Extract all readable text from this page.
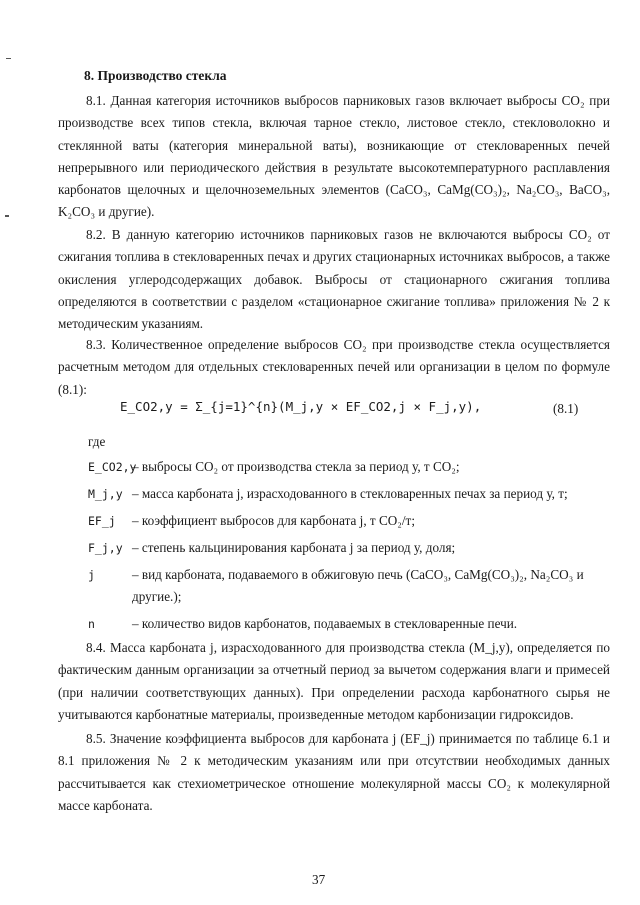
8. Производство стекла

8.1. Данная категория источников выбросов парниковых газов включает выбросы CO₂ при производстве всех типов стекла, включая тарное стекло, листовое стекло, стекловолокно и стеклянной ваты (категория минеральной ваты), возникающие от стекловаренных печей непрерывного или периодического действия в результате высокотемпературного расплавления карбонатов щелочных и щелочноземельных элементов (CaCO₃, CaMg(CO₃)₂, Na₂CO₃, BaCO₃, K₂CO₃ и другие).

8.2. В данную категорию источников парниковых газов не включаются выбросы CO₂ от сжигания топлива в стекловаренных печах и других стационарных источниках выбросов, а также окисления углеродсодержащих добавок. Выбросы от стационарного сжигания топлива определяются в соответствии с разделом «стационарное сжигание топлива» приложения № 2 к методическим указаниям.

8.3. Количественное определение выбросов CO₂ при производстве стекла осуществляется расчетным методом для отдельных стекловаренных печей или организации в целом по формуле (8.1):

E_CO2,y = Σ_{j=1}^{n}(M_j,y × EF_CO2,j × F_j,y),	(8.1)
где
E_CO2,y
– выбросы CO₂ от производства стекла за период у, т CO₂;
M_j,y – масса карбоната j, израсходованного в стекловаренных печах за период у, т;
EF_j	– коэффициент выбросов для карбоната j, т CO₂/т;
F_j,y – степень кальцинирования карбоната j за период у, доля;
j	– вид карбоната, подаваемого в обжиговую печь (CaCO₃, CaMg(CO₃)₂, Na₂CO₃ и другие.);
n	– количество видов карбонатов, подаваемых в стекловаренные печи.

8.4. Масса карбоната j, израсходованного для производства стекла (M_j,y), определяется по фактическим данным организации за отчетный период за вычетом содержания влаги и примесей (при наличии соответствующих данных). При определении расхода карбонатного сырья не учитываются карбонатные материалы, произведенные методом карбонизации гидроксидов.

8.5. Значение коэффициента выбросов для карбоната j (EF_j) принимается по таблице 6.1 и 8.1 приложения № 2 к методическим указаниям или при отсутствии необходимых данных рассчитывается как стехиометрическое отношение молекулярной массы CO₂ к молекулярной массе карбоната.

37
